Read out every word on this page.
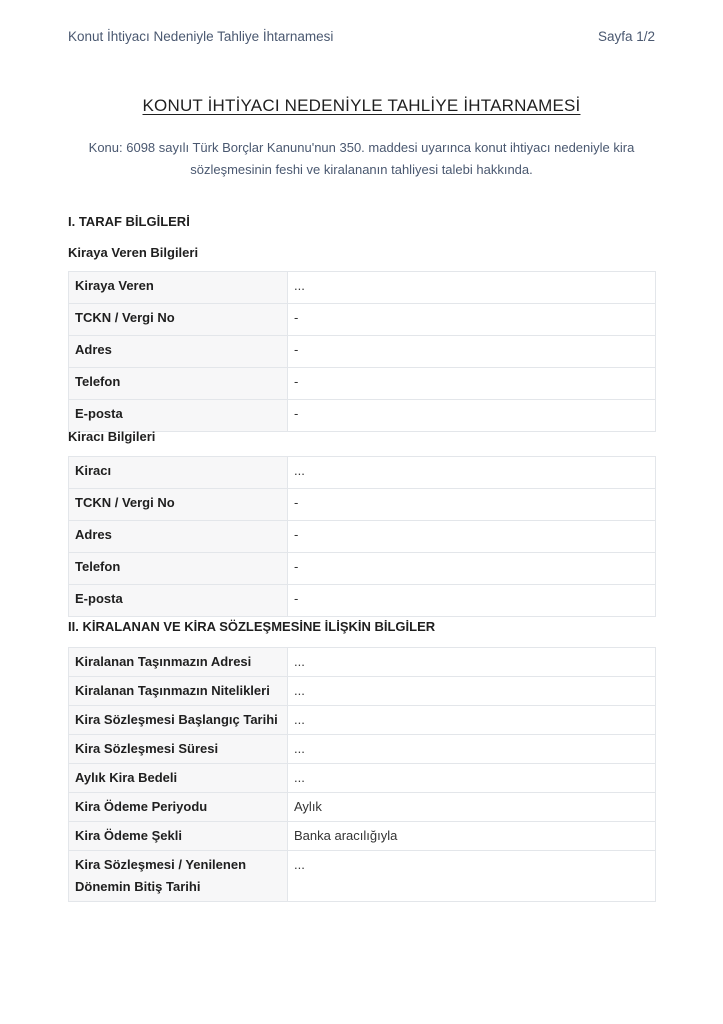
Konut İhtiyacı Nedeniyle Tahliye İhtarnamesi	Sayfa 1/2
KONUT İHTİYACI NEDENİYLE TAHLİYE İHTARNAMESİ
Konu: 6098 sayılı Türk Borçlar Kanunu'nun 350. maddesi uyarınca konut ihtiyacı nedeniyle kira sözleşmesinin feshi ve kiralananın tahliyesi talebi hakkında.
I. TARAF BİLGİLERİ
Kiraya Veren Bilgileri
Kiraya Veren	...
TCKN / Vergi No	-
Adres	-
Telefon	-
E-posta	-
Kiracı Bilgileri
Kiracı	...
TCKN / Vergi No	-
Adres	-
Telefon	-
E-posta	-
II. KİRALANAN VE KİRA SÖZLEŞMESİNE İLİŞKİN BİLGİLER
Kiralanan Taşınmazın Adresi	...
Kiralanan Taşınmazın Nitelikleri	...
Kira Sözleşmesi Başlangıç Tarihi	...
Kira Sözleşmesi Süresi	...
Aylık Kira Bedeli	...
Kira Ödeme Periyodu	Aylık
Kira Ödeme Şekli	Banka aracılığıyla
Kira Sözleşmesi / Yenilenen Dönemin Bitiş Tarihi	...
